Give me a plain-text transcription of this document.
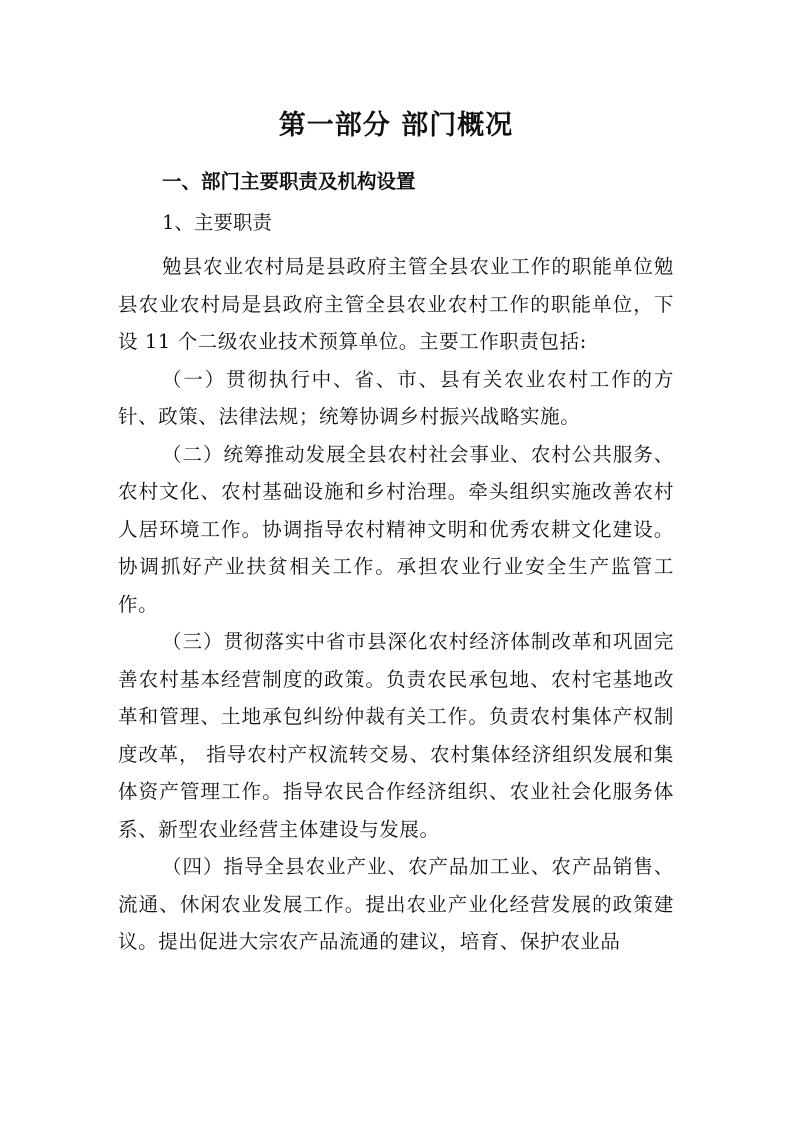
第一部分 部门概况
一、部门主要职责及机构设置
1、主要职责

勉县农业农村局是县政府主管全县农业工作的职能单位勉县农业农村局是县政府主管全县农业农村工作的职能单位，下设 11 个二级农业技术预算单位。主要工作职责包括:

（一）贯彻执行中、省、市、县有关农业农村工作的方针、政策、法律法规；统筹协调乡村振兴战略实施。

（二）统筹推动发展全县农村社会事业、农村公共服务、农村文化、农村基础设施和乡村治理。牵头组织实施改善农村人居环境工作。协调指导农村精神文明和优秀农耕文化建设。协调抓好产业扶贫相关工作。承担农业行业安全生产监管工作。

（三）贯彻落实中省市县深化农村经济体制改革和巩固完善农村基本经营制度的政策。负责农民承包地、农村宅基地改革和管理、土地承包纠纷仲裁有关工作。负责农村集体产权制度改革， 指导农村产权流转交易、农村集体经济组织发展和集体资产管理工作。指导农民合作经济组织、农业社会化服务体系、新型农业经营主体建设与发展。

（四）指导全县农业产业、农产品加工业、农产品销售、流通、休闲农业发展工作。提出农业产业化经营发展的政策建议。提出促进大宗农产品流通的建议，培育、保护农业品
